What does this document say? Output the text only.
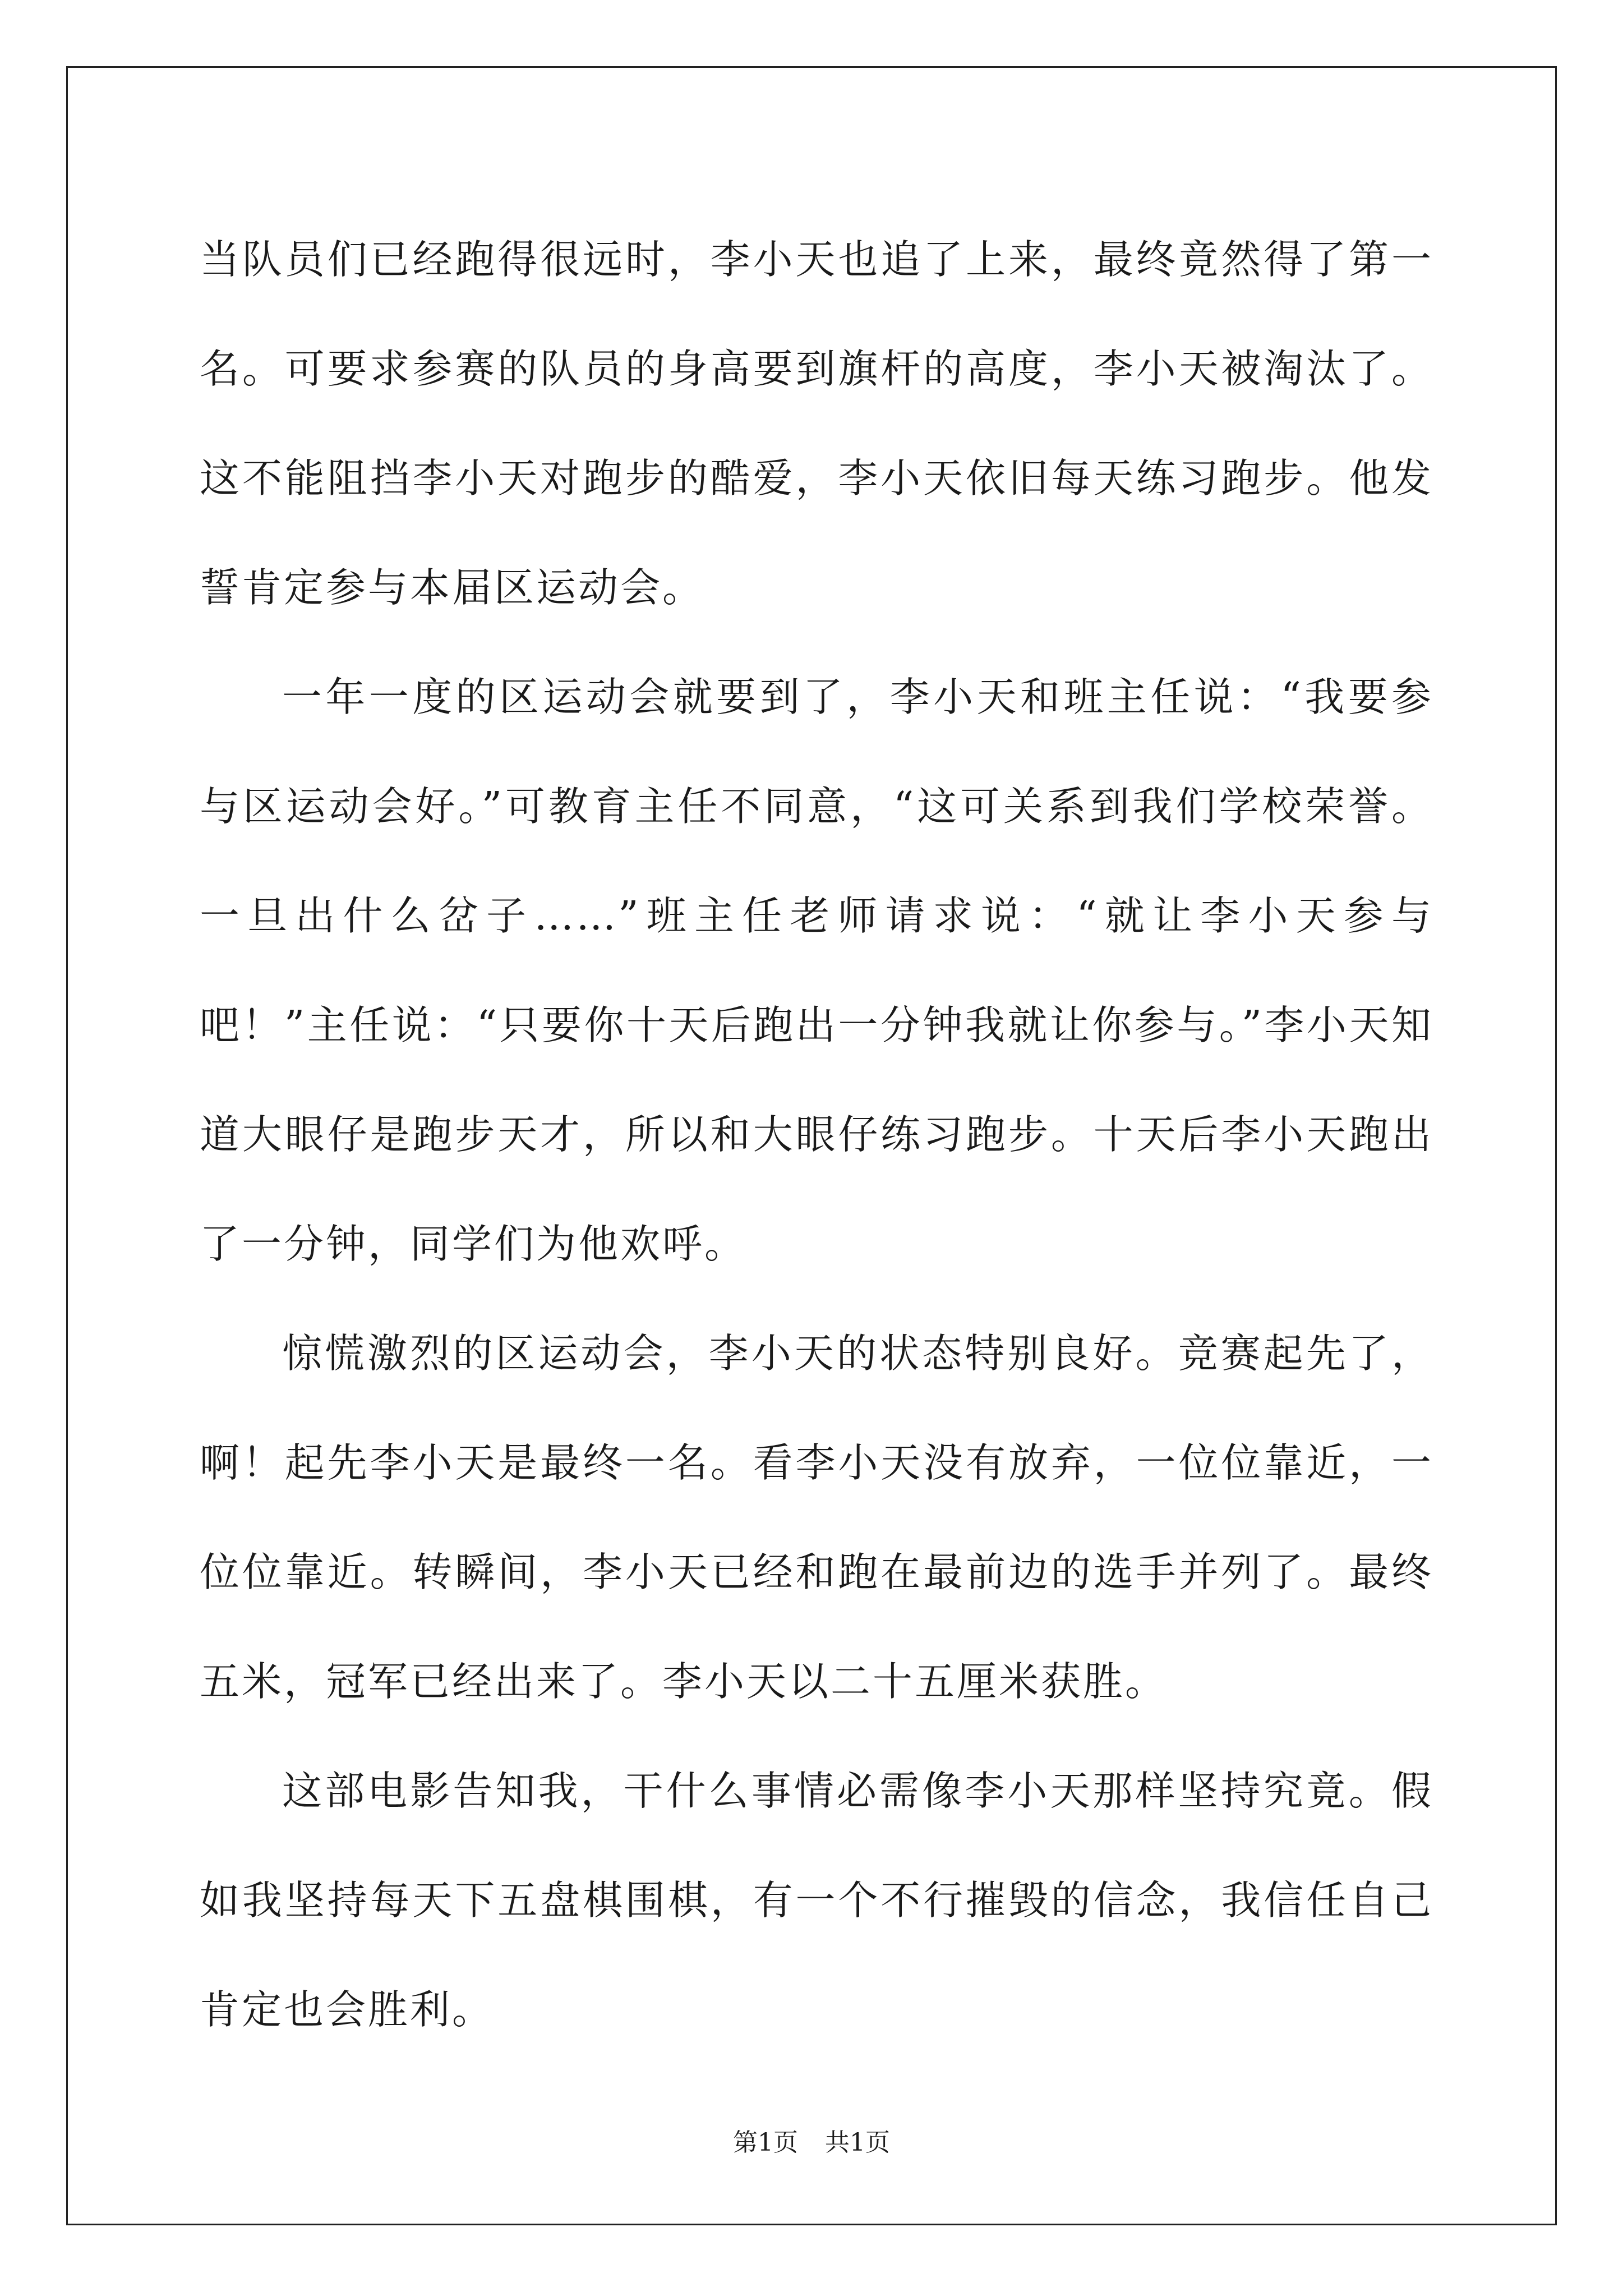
当队员们已经跑得很远时，李小天也追了上来，最终竟然得了第一名。可要求参赛的队员的身高要到旗杆的高度，李小天被淘汰了。这不能阻挡李小天对跑步的酷爱，李小天依旧每天练习跑步。他发誓肯定参与本届区运动会。

一年一度的区运动会就要到了，李小天和班主任说：“我要参与区运动会好。”可教育主任不同意，“这可关系到我们学校荣誉。一旦出什么岔子……”班主任老师请求说：“就让李小天参与吧！”主任说：“只要你十天后跑出一分钟我就让你参与。”李小天知道大眼仔是跑步天才，所以和大眼仔练习跑步。十天后李小天跑出了一分钟，同学们为他欢呼。

惊慌激烈的区运动会，李小天的状态特别良好。竞赛起先了，啊！起先李小天是最终一名。看李小天没有放弃，一位位靠近，一位位靠近。转瞬间，李小天已经和跑在最前边的选手并列了。最终五米，冠军已经出来了。李小天以二十五厘米获胜。

这部电影告知我，干什么事情必需像李小天那样坚持究竟。假如我坚持每天下五盘棋围棋，有一个不行摧毁的信念，我信任自己肯定也会胜利。

第1页 共1页
